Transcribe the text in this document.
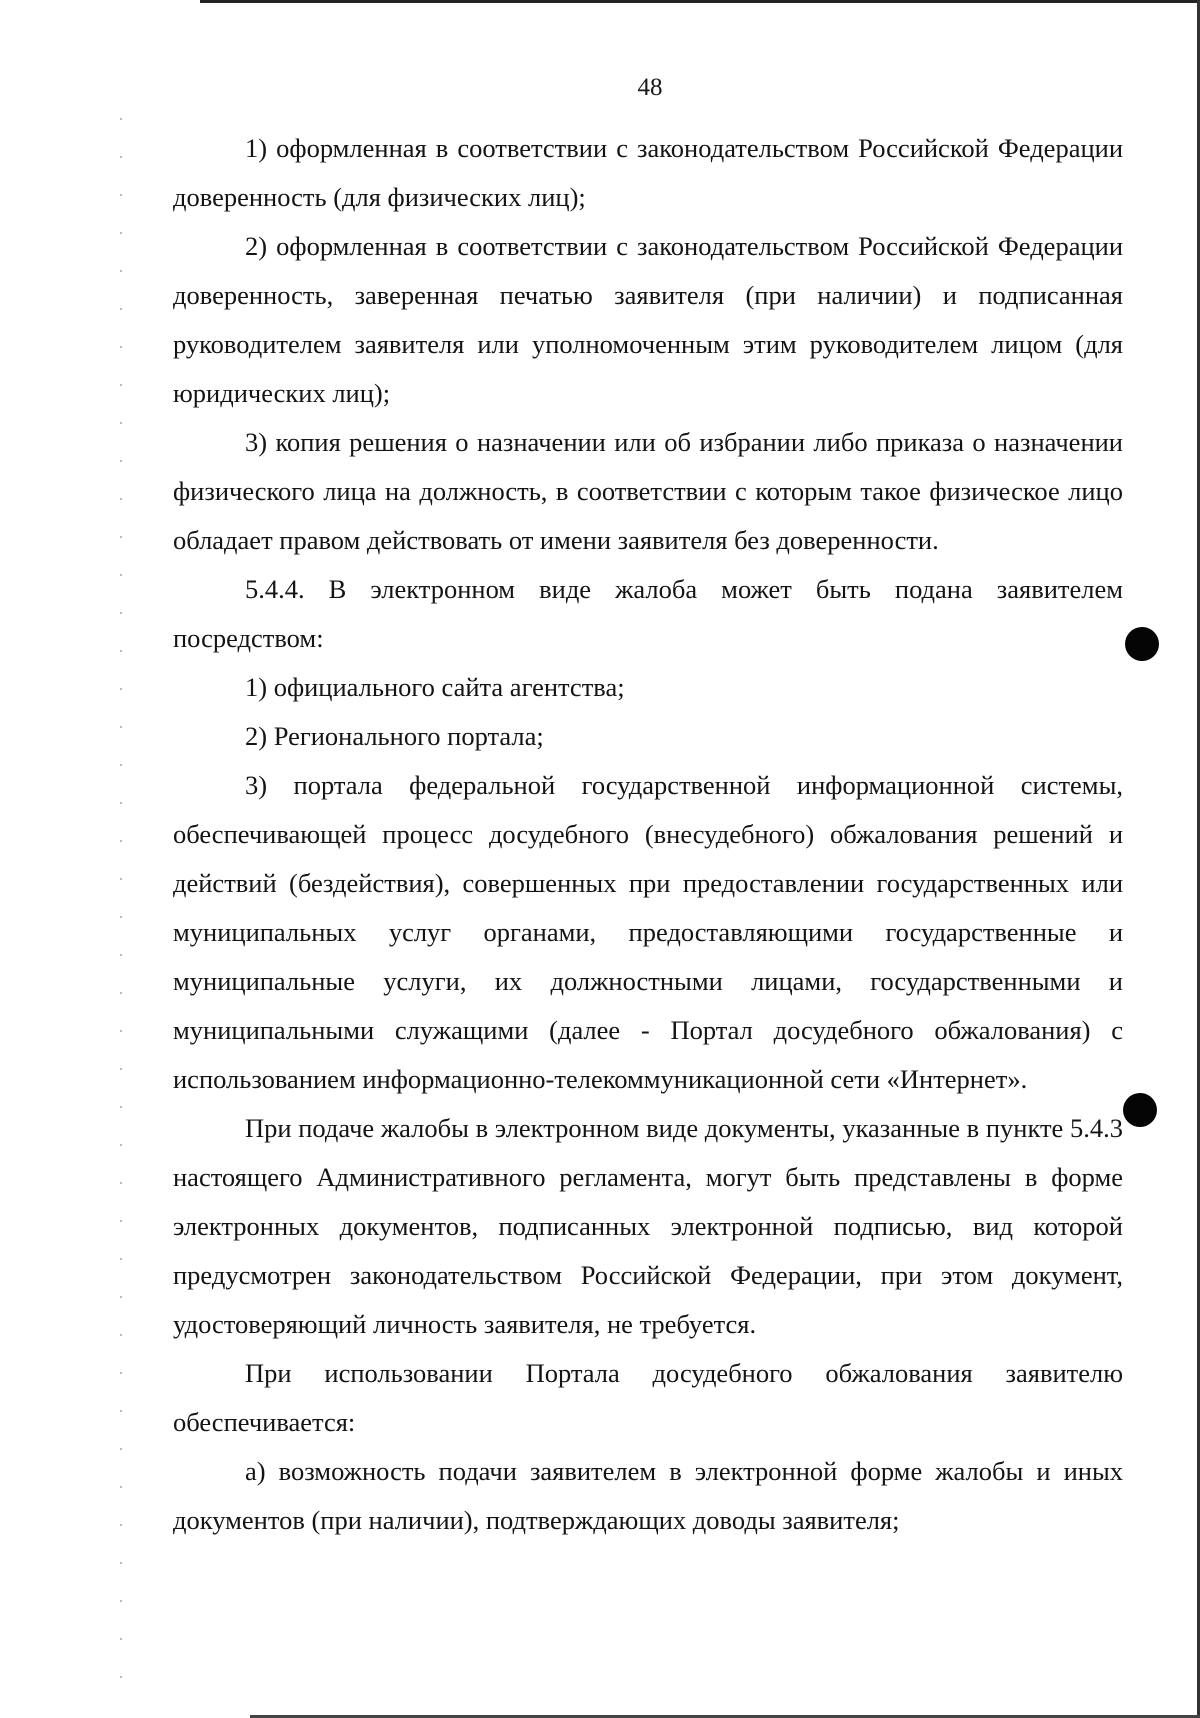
48

1) оформленная в соответствии с законодательством Российской Федерации доверенность (для физических лиц);

2) оформленная в соответствии с законодательством Российской Федерации доверенность, заверенная печатью заявителя (при наличии) и подписанная руководителем заявителя или уполномоченным этим руководителем лицом (для юридических лиц);

3) копия решения о назначении или об избрании либо приказа о назначении физического лица на должность, в соответствии с которым такое физическое лицо обладает правом действовать от имени заявителя без доверенности.

5.4.4. В электронном виде жалоба может быть подана заявителем посредством:

1) официального сайта агентства;

2) Регионального портала;

3) портала федеральной государственной информационной системы, обеспечивающей процесс досудебного (внесудебного) обжалования решений и действий (бездействия), совершенных при предоставлении государственных или муниципальных услуг органами, предоставляющими государственные и муниципальные услуги, их должностными лицами, государственными и муниципальными служащими (далее - Портал досудебного обжалования) с использованием информационно-телекоммуникационной сети «Интернет».

При подаче жалобы в электронном виде документы, указанные в пункте 5.4.3 настоящего Административного регламента, могут быть представлены в форме электронных документов, подписанных электронной подписью, вид которой предусмотрен законодательством Российской Федерации, при этом документ, удостоверяющий личность заявителя, не требуется.

При использовании Портала досудебного обжалования заявителю обеспечивается:

а) возможность подачи заявителем в электронной форме жалобы и иных документов (при наличии), подтверждающих доводы заявителя;
